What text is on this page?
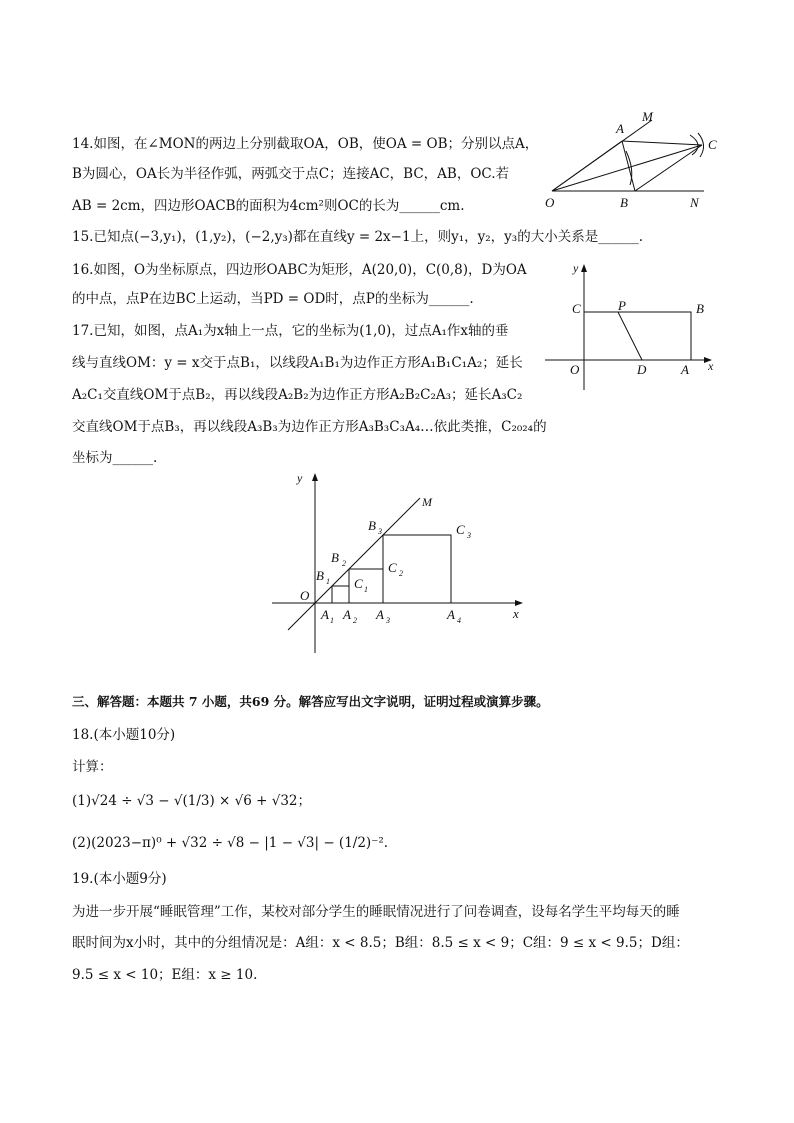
14.如图，在∠MON的两边上分别截取OA，OB，使OA = OB；分别以点A，
B为圆心，OA长为半径作弧，两弧交于点C；连接AC，BC，AB，OC.若
AB = 2cm，四边形OACB的面积为4cm²则OC的长为______cm.
M
A
C
O	B	N
15.已知点(−3,y₁)，(1,y₂)，(−2,y₃)都在直线y = 2x−1上，则y₁，y₂，y₃的大小关系是______.
16.如图，O为坐标原点，四边形OABC为矩形，A(20,0)，C(0,8)，D为OA
的中点，点P在边BC上运动，当PD = OD时，点P的坐标为______.
y
C	P	B
O	D	A x
17.已知，如图，点A₁为x轴上一点，它的坐标为(1,0)，过点A₁作x轴的垂
线与直线OM：y = x交于点B₁，以线段A₁B₁为边作正方形A₁B₁C₁A₂；延长
A₂C₁交直线OM于点B₂，再以线段A₂B₂为边作正方形A₂B₂C₂A₃；延长A₃C₂
交直线OM于点B₃，再以线段A₃B₃为边作正方形A₃B₃C₃A₄…依此类推，C₂₀₂₄的
坐标为______.
y
M
O
x
B 1
B 2
B 3
C 1
C 2
C 3
A 1 A 2 A 3	A 4
三、解答题：本题共 7 小题，共69 分。解答应写出文字说明，证明过程或演算步骤。
18.(本小题10分)
计算：
(1)√24 ÷ √3 − √(1/3) × √6 + √32；
(2)(2023−π)⁰ + √32 ÷ √8 − |1 − √3| − (1/2)⁻².
19.(本小题9分)
为进一步开展“睡眠管理”工作，某校对部分学生的睡眠情况进行了问卷调查，设每名学生平均每天的睡
眠时间为x小时，其中的分组情况是：A组：x < 8.5；B组：8.5 ≤ x < 9；C组：9 ≤ x < 9.5；D组：
9.5 ≤ x < 10；E组：x ≥ 10.
